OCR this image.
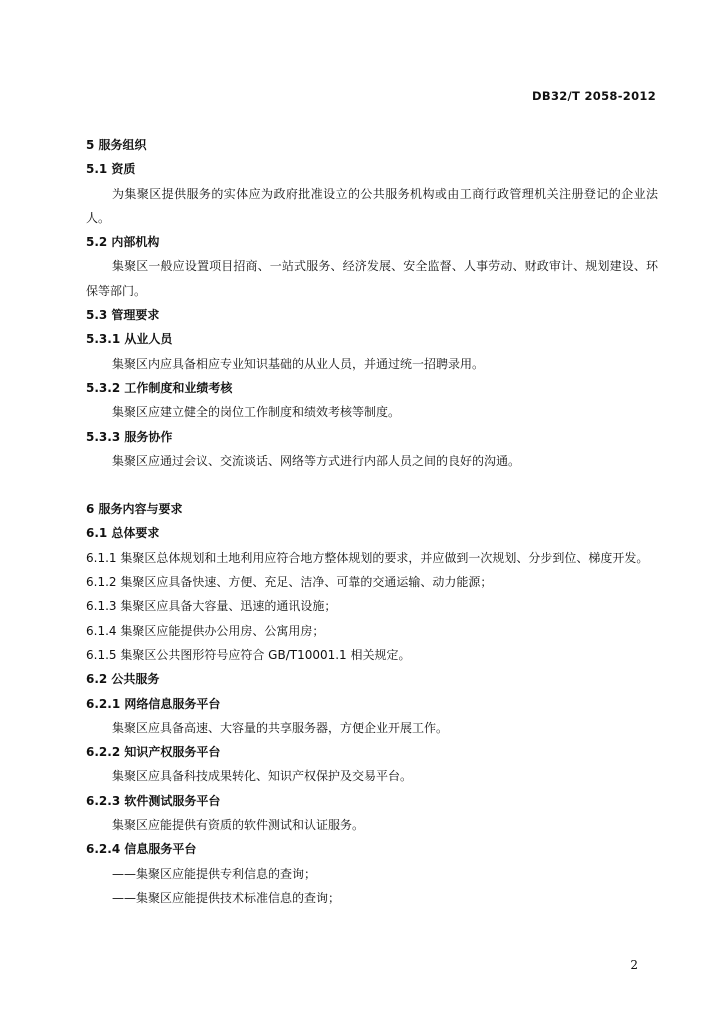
DB32/T 2058-2012
5 服务组织
5.1 资质
为集聚区提供服务的实体应为政府批准设立的公共服务机构或由工商行政管理机关注册登记的企业法人。
5.2 内部机构
集聚区一般应设置项目招商、一站式服务、经济发展、安全监督、人事劳动、财政审计、规划建设、环保等部门。
5.3 管理要求
5.3.1 从业人员
集聚区内应具备相应专业知识基础的从业人员，并通过统一招聘录用。
5.3.2 工作制度和业绩考核
集聚区应建立健全的岗位工作制度和绩效考核等制度。
5.3.3 服务协作
集聚区应通过会议、交流谈话、网络等方式进行内部人员之间的良好的沟通。
6 服务内容与要求
6.1 总体要求
6.1.1 集聚区总体规划和土地利用应符合地方整体规划的要求，并应做到一次规划、分步到位、梯度开发。
6.1.2 集聚区应具备快速、方便、充足、洁净、可靠的交通运输、动力能源；
6.1.3 集聚区应具备大容量、迅速的通讯设施；
6.1.4 集聚区应能提供办公用房、公寓用房；
6.1.5 集聚区公共图形符号应符合 GB/T10001.1 相关规定。
6.2 公共服务
6.2.1 网络信息服务平台
集聚区应具备高速、大容量的共享服务器，方便企业开展工作。
6.2.2 知识产权服务平台
集聚区应具备科技成果转化、知识产权保护及交易平台。
6.2.3 软件测试服务平台
集聚区应能提供有资质的软件测试和认证服务。
6.2.4 信息服务平台
——集聚区应能提供专利信息的查询；
——集聚区应能提供技术标准信息的查询；
2
